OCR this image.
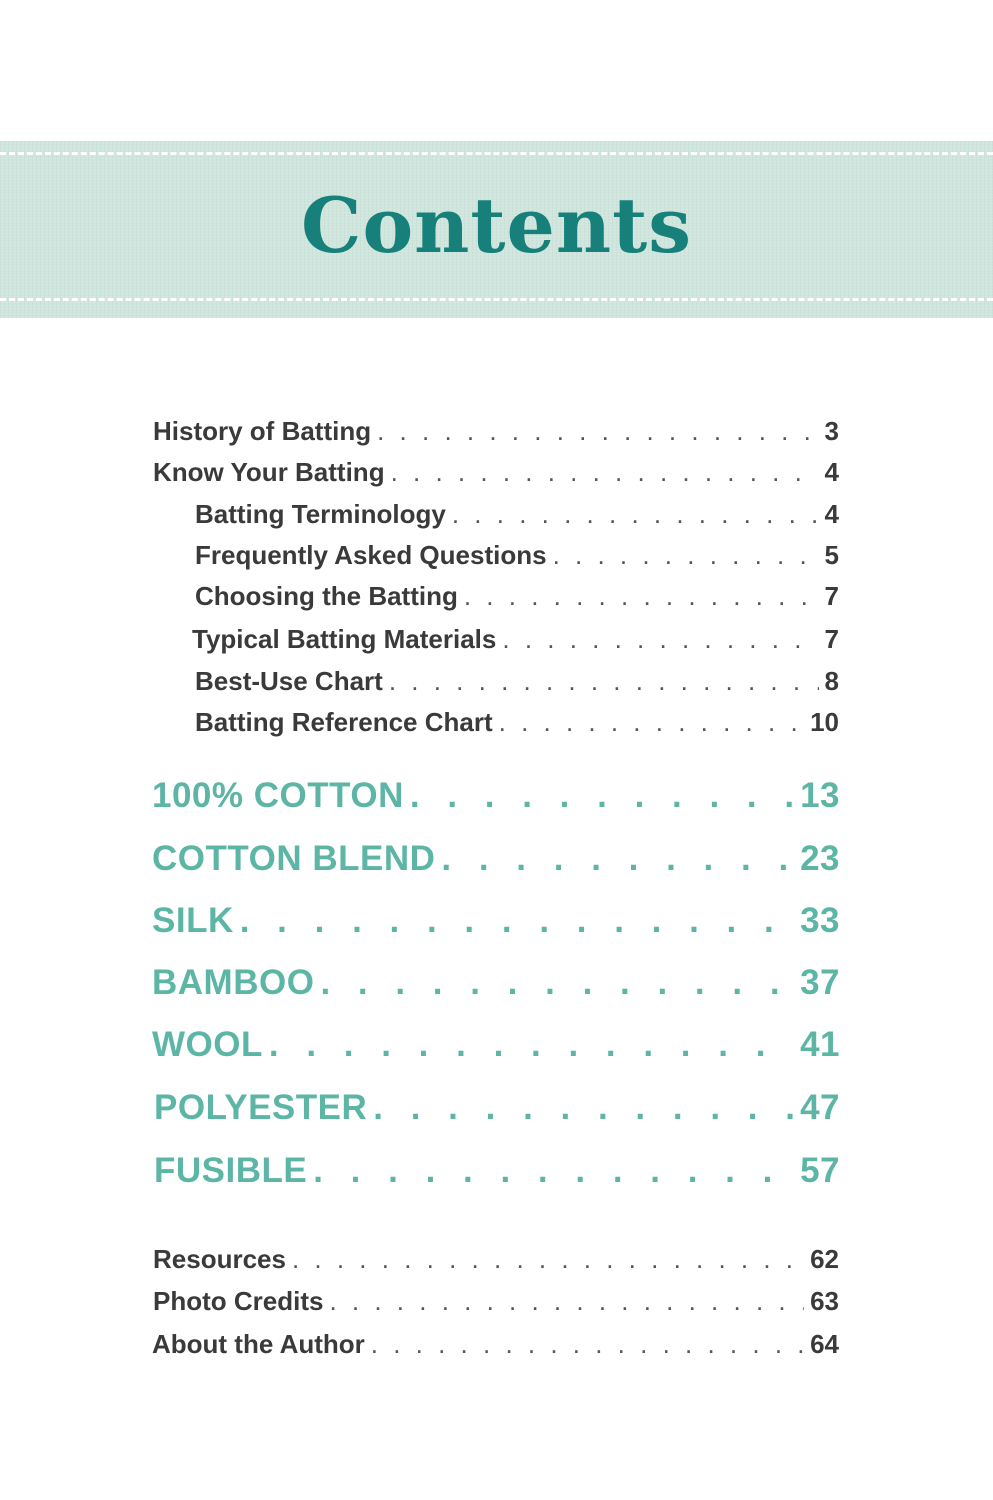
Contents
History of Batting . . .	3
Know Your Batting . . .	4
Batting Terminology . . .	4
Frequently Asked Questions . . .	5
Choosing the Batting . . .	7
Typical Batting Materials . . .	7
Best-Use Chart . . .	8
Batting Reference Chart . . .	10
100% COTTON . . .	13
COTTON BLEND . . .	23
SILK . . .	33
BAMBOO . . .	37
WOOL . . .	41
POLYESTER . . .	47
FUSIBLE . . .	57
Resources . . .	62
Photo Credits . . .	63
About the Author . . .	64
